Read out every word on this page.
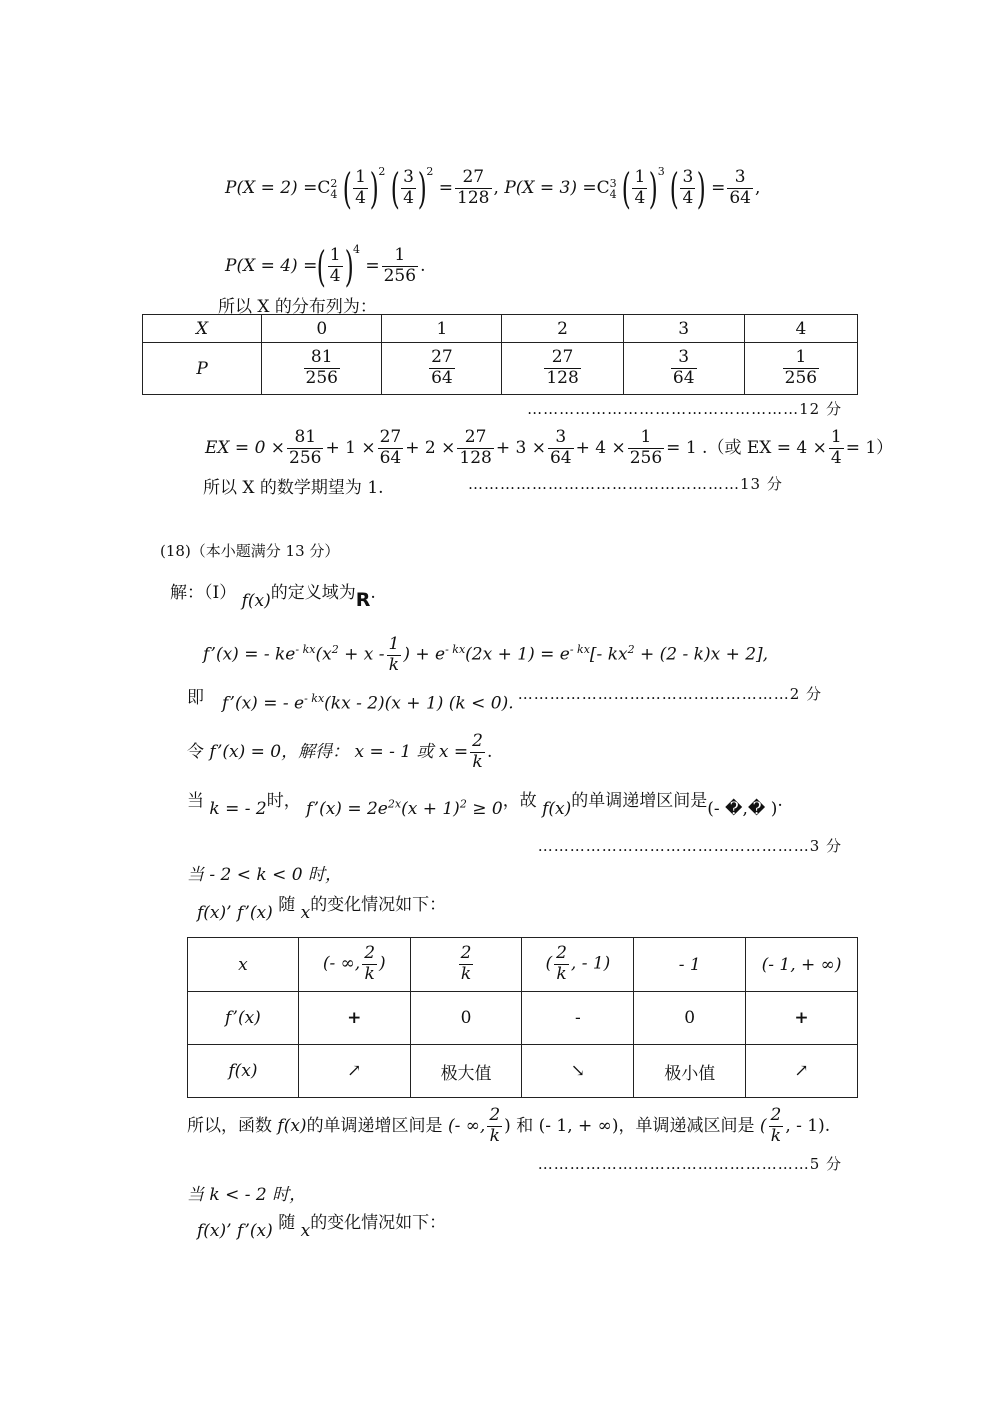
P(X = 2) =C 2
4 ( $\frac{1}{4} )^2$ ( $\frac{3}{4} )^2 = \frac{27}{128}$ , P(X = 3) =C 3
4 ( $\frac{1}{4} )^3$ ( $\frac{3}{4}$ ) = $\frac{3}{64}$ ,
P(X = 4) =( $\frac{1}{4} )^4 = \frac{1}{256}$ .
所以 X 的分布列为：
X	0	1	2	3	4
P	$\frac{81}{256}$	$\frac{27}{64}$	$\frac{27}{128}$	$\frac{3}{64}$	$\frac{1}{256}$
……………………………………………12 分
EX = $0 \times \frac{81}{256} + 1 \times \frac{27}{64} + 2 \times \frac{27}{128} + 3 \times \frac{3}{64} + 4 \times \frac{1}{256} = 1$ .（或 EX = $4 \times \frac{1}{4} = 1$）
所以 X 的数学期望为 1.	……………………………………………13 分
(18)（本小题满分 13 分）
解：（Ⅰ） f(x)的定义域为R.
f’(x) = - $ke^{- kx}(x^2 + x - \frac{1}{k}$ ) + $e^{- kx}(2x + 1) = e^{- kx}[-$ $kx^2 + (2 - k)x + 2$],
即 f’(x) = - $e^{- kx}(kx - 2)(x + 1) (k < 0)$. ……………………………………………2 分
令 f’(x) = 0，解得： x = - 1 或 $x = \frac{2}{k}$ .
当 k = - 2时， f’(x) = $2e^{2x}(x + 1)^2 \ge 0$，故 f(x)的单调递增区间是(- �,� ).
……………………………………………3 分
当 - 2 < k < 0 时，
f(x)’ f’(x) 随 x的变化情况如下：
x	(- ∞, $\frac{2}{k}$ )	$\frac{2}{k}$	( $\frac{2}{k}$ , - 1)	- 1	(- 1, + ∞)
f’(x)	+	0	-	0	+
f(x)	↗	极大值	↘	极小值	↗
所以，函数 f(x)的单调递增区间是 (- ∞, $\frac{2}{k}$ ) 和 (- 1, + ∞)，单调递减区间是 ( $\frac{2}{k}$ , - 1).
……………………………………………5 分
当 k < - 2 时，
f(x)’ f’(x) 随 x的变化情况如下：
